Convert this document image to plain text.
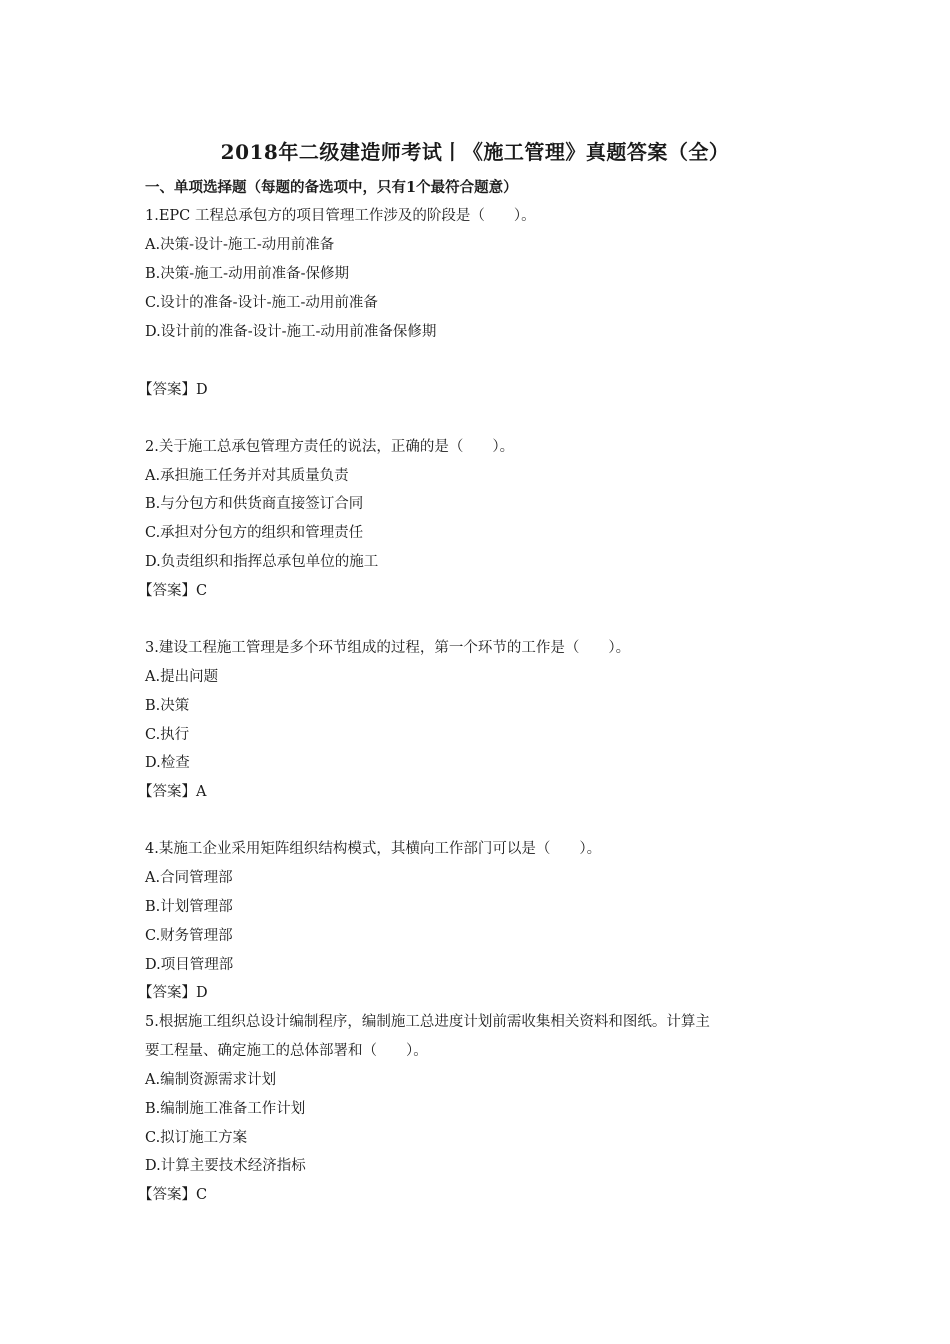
2018年二级建造师考试丨《施工管理》真题答案（全）
一、单项选择题（每题的备选项中，只有1个最符合题意）
1.EPC 工程总承包方的项目管理工作涉及的阶段是（　　）。
A.决策-设计-施工-动用前准备
B.决策-施工-动用前准备-保修期
C.设计的准备-设计-施工-动用前准备
D.设计前的准备-设计-施工-动用前准备保修期
【答案】D
2.关于施工总承包管理方责任的说法，正确的是（　　）。
A.承担施工任务并对其质量负责
B.与分包方和供货商直接签订合同
C.承担对分包方的组织和管理责任
D.负责组织和指挥总承包单位的施工
【答案】C
3.建设工程施工管理是多个环节组成的过程，第一个环节的工作是（　　）。
A.提出问题
B.决策
C.执行
D.检查
【答案】A
4.某施工企业采用矩阵组织结构模式，其横向工作部门可以是（　　）。
A.合同管理部
B.计划管理部
C.财务管理部
D.项目管理部
【答案】D
5.根据施工组织总设计编制程序，编制施工总进度计划前需收集相关资料和图纸。计算主
要工程量、确定施工的总体部署和（　　）。
A.编制资源需求计划
B.编制施工准备工作计划
C.拟订施工方案
D.计算主要技术经济指标
【答案】C
